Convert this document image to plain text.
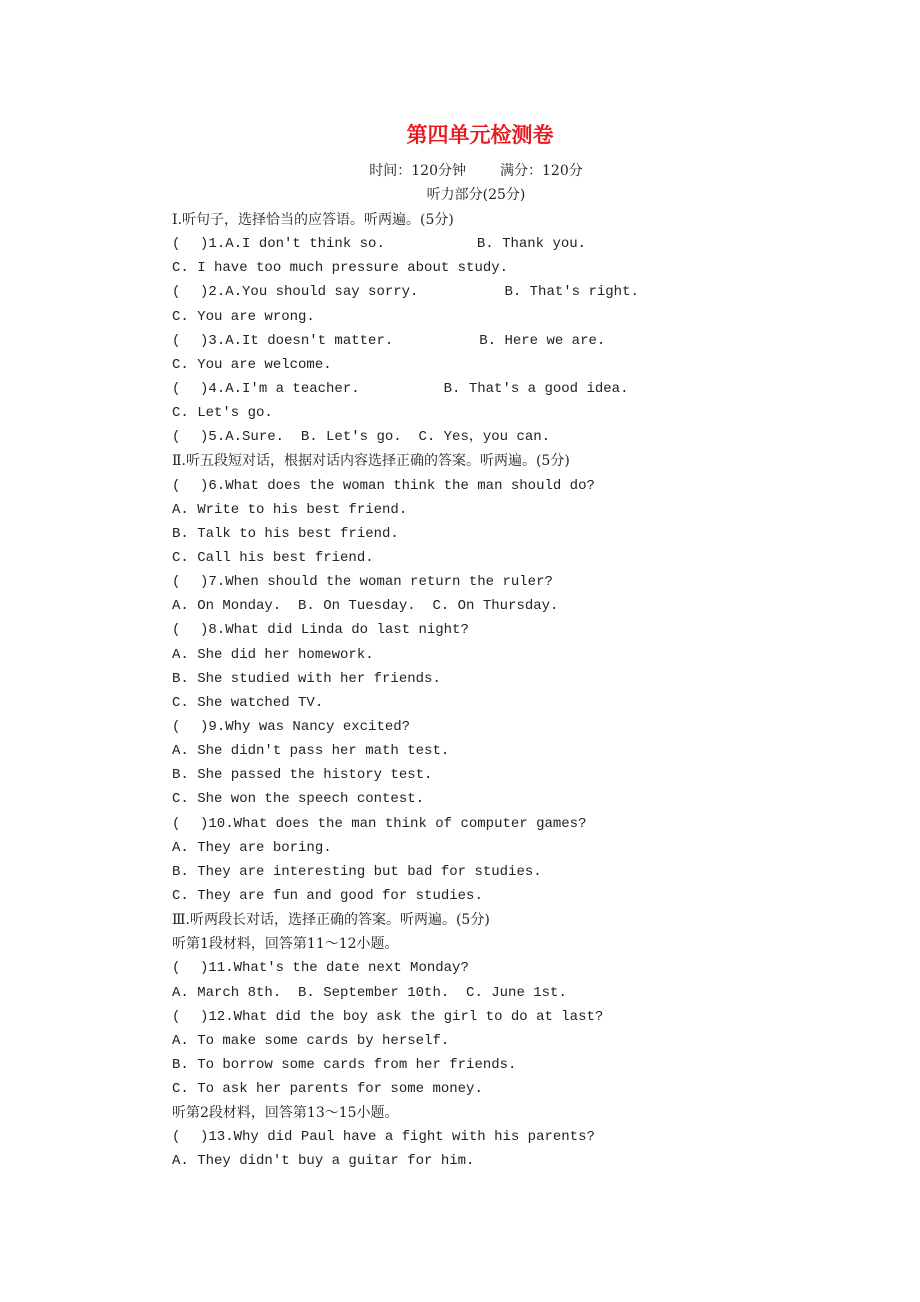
第四单元检测卷
时间：120分钟 满分：120分
听力部分(25分)
Ⅰ.听句子，选择恰当的应答语。听两遍。(5分)
( )1.A.I don't think so.	B. Thank you.
C. I have too much pressure about study.
( )2.A.You should say sorry.	B. That's right.
C. You are wrong.
( )3.A.It doesn't matter.	B. Here we are.
C. You are welcome.
( )4.A.I'm a teacher.	B. That's a good idea.
C. Let's go.
( )5.A.Sure.  B. Let's go.  C. Yes，you can.
Ⅱ.听五段短对话，根据对话内容选择正确的答案。听两遍。(5分)
( )6.What does the woman think the man should do?
A. Write to his best friend.
B. Talk to his best friend.
C. Call his best friend.
( )7.When should the woman return the ruler?
A. On Monday.  B. On Tuesday.  C. On Thursday.
( )8.What did Linda do last night?
A. She did her homework.
B. She studied with her friends.
C. She watched TV.
( )9.Why was Nancy excited?
A. She didn't pass her math test.
B. She passed the history test.
C. She won the speech contest.
( )10.What does the man think of computer games?
A. They are boring.
B. They are interesting but bad for studies.
C. They are fun and good for studies.
Ⅲ.听两段长对话，选择正确的答案。听两遍。(5分)
听第1段材料，回答第11～12小题。
( )11.What's the date next Monday?
A. March 8th.  B. September 10th.  C. June 1st.
( )12.What did the boy ask the girl to do at last?
A. To make some cards by herself.
B. To borrow some cards from her friends.
C. To ask her parents for some money.
听第2段材料，回答第13～15小题。
( )13.Why did Paul have a fight with his parents?
A. They didn't buy a guitar for him.
